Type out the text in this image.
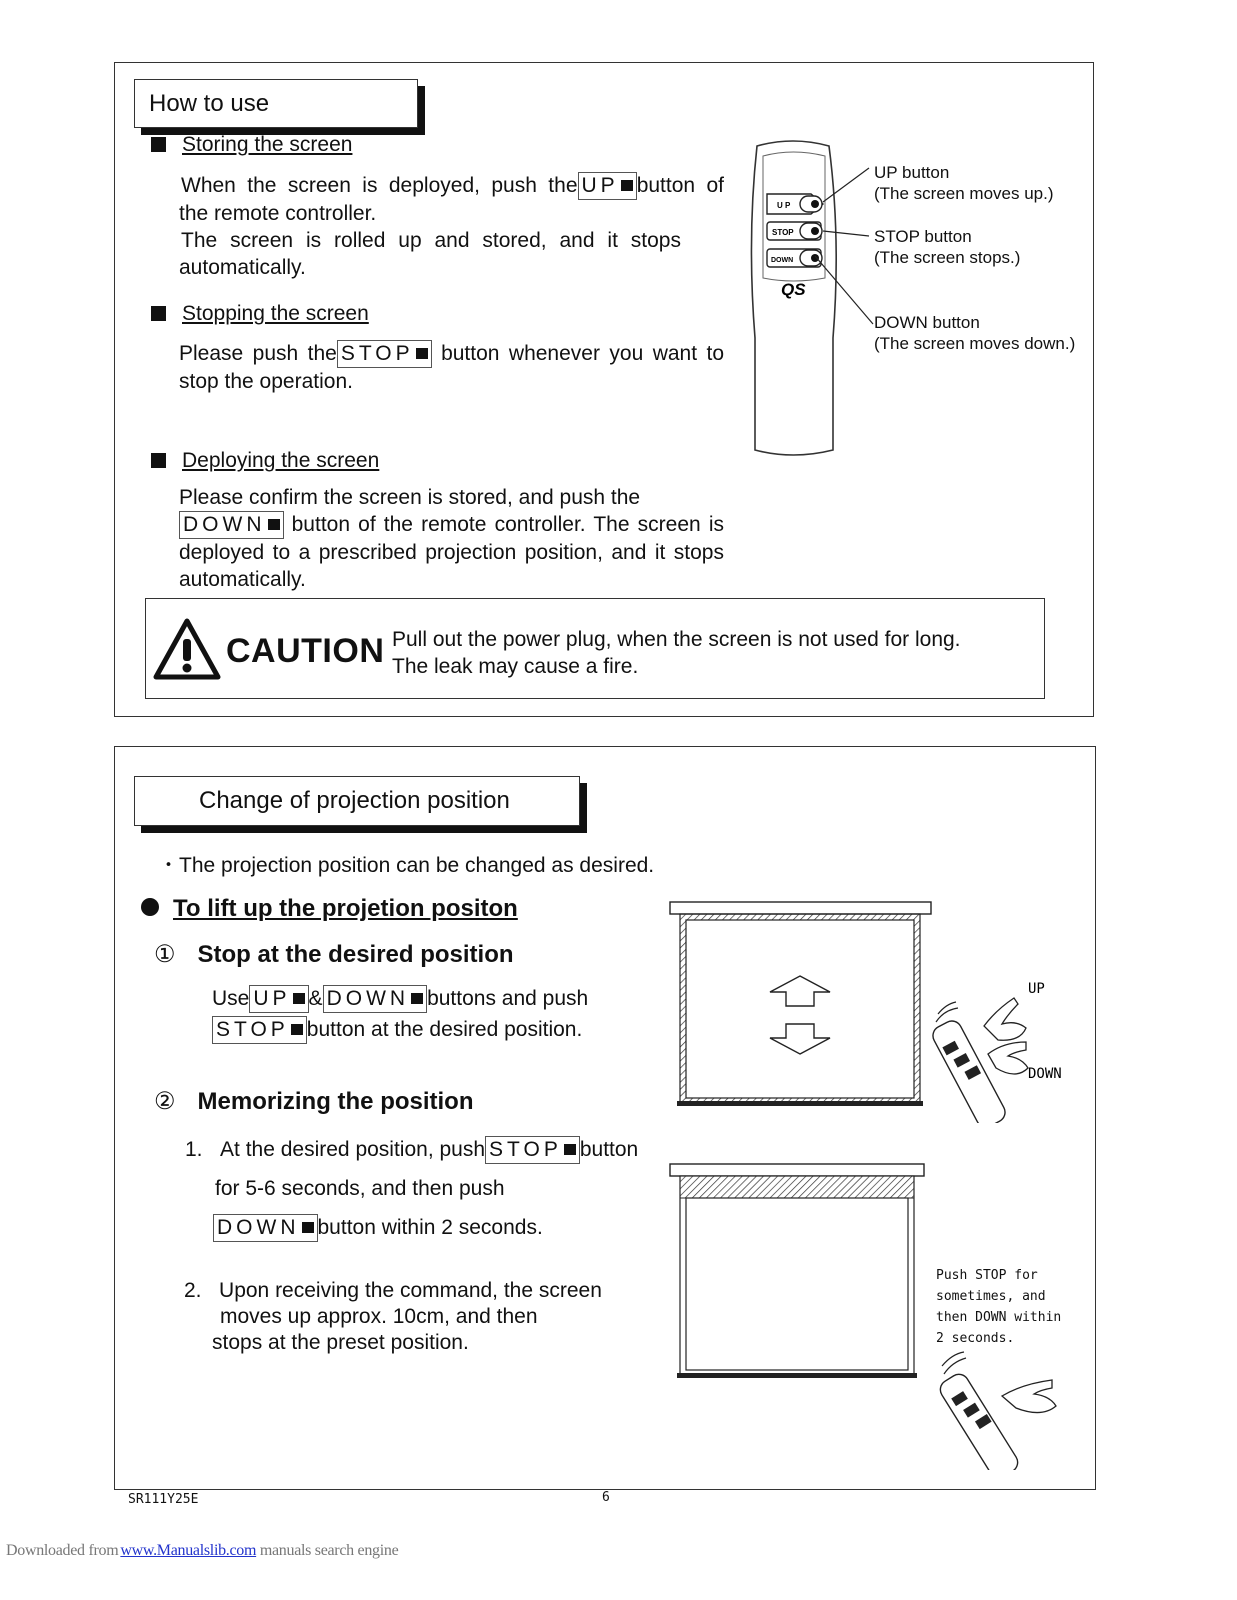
How to use
Storing the screen
When the screen is deployed, push the UP button of
the remote controller.
The screen is rolled up and stored, and it stops
automatically.
Stopping the screen
Please push the STOP button whenever you want to
stop the operation.
Deploying the screen
Please confirm the screen is stored, and push the
DOWN button of the remote controller. The screen is
deployed to a prescribed projection position, and it stops
automatically.
U P
STOP
DOWN
QS
UP button
(The screen moves up.)
STOP button
(The screen stops.)
DOWN button
(The screen moves down.)
CAUTION Pull out the power plug, when the screen is not used for long.
The leak may cause a fire.
Change of projection position
・The projection position can be changed as desired.
To lift up the projetion positon
① Stop at the desired position
Use UP & DOWN buttons and push
STOP button at the desired position.
② Memorizing the position
1. At the desired position, push STOP button
for 5-6 seconds, and then push
DOWN button within 2 seconds.
2. Upon receiving the command, the screen
moves up approx. 10cm, and then
stops at the preset position.
UP
DOWN
Push STOP for
sometimes, and
then DOWN within
2 seconds.
SR111Y25E	6
Downloaded from www.Manualslib.com manuals search engine
